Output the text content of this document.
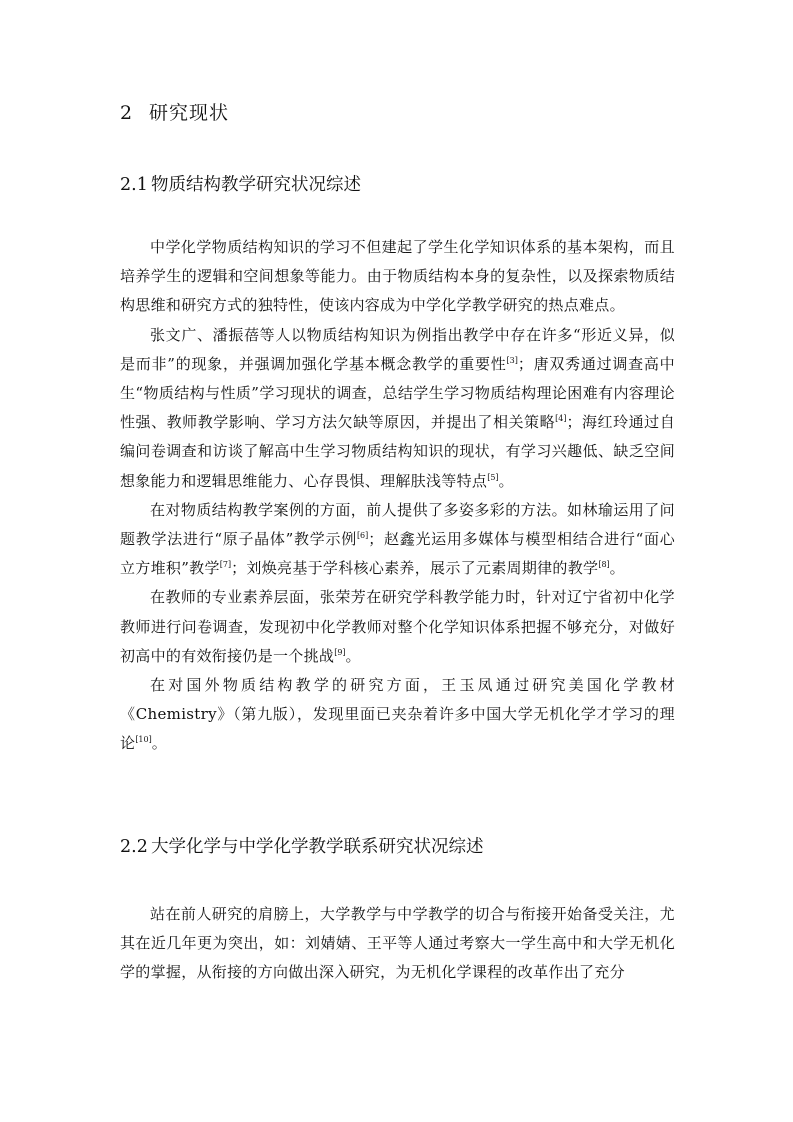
2 研究现状
2.1 物质结构教学研究状况综述

中学化学物质结构知识的学习不但建起了学生化学知识体系的基本架构，而且培养学生的逻辑和空间想象等能力。由于物质结构本身的复杂性，以及探索物质结构思维和研究方式的独特性，使该内容成为中学化学教学研究的热点难点。

张文广、潘振蓓等人以物质结构知识为例指出教学中存在许多“形近义异，似是而非”的现象，并强调加强化学基本概念教学的重要性[3]；唐双秀通过调查高中生“物质结构与性质”学习现状的调查，总结学生学习物质结构理论困难有内容理论性强、教师教学影响、学习方法欠缺等原因，并提出了相关策略[4]；海红玲通过自编问卷调查和访谈了解高中生学习物质结构知识的现状，有学习兴趣低、缺乏空间想象能力和逻辑思维能力、心存畏惧、理解肤浅等特点[5]。

在对物质结构教学案例的方面，前人提供了多姿多彩的方法。如林瑜运用了问题教学法进行“原子晶体”教学示例[6]；赵鑫光运用多媒体与模型相结合进行“面心立方堆积”教学[7]；刘焕亮基于学科核心素养，展示了元素周期律的教学[8]。

在教师的专业素养层面，张荣芳在研究学科教学能力时，针对辽宁省初中化学教师进行问卷调查，发现初中化学教师对整个化学知识体系把握不够充分，对做好初高中的有效衔接仍是一个挑战[9]。

在对国外物质结构教学的研究方面，王玉凤通过研究美国化学教材《Chemistry》（第九版），发现里面已夹杂着许多中国大学无机化学才学习的理论[10]。

2.2 大学化学与中学化学教学联系研究状况综述

站在前人研究的肩膀上，大学教学与中学教学的切合与衔接开始备受关注，尤其在近几年更为突出，如：刘婧婧、王平等人通过考察大一学生高中和大学无机化学的掌握，从衔接的方向做出深入研究，为无机化学课程的改革作出了充分
